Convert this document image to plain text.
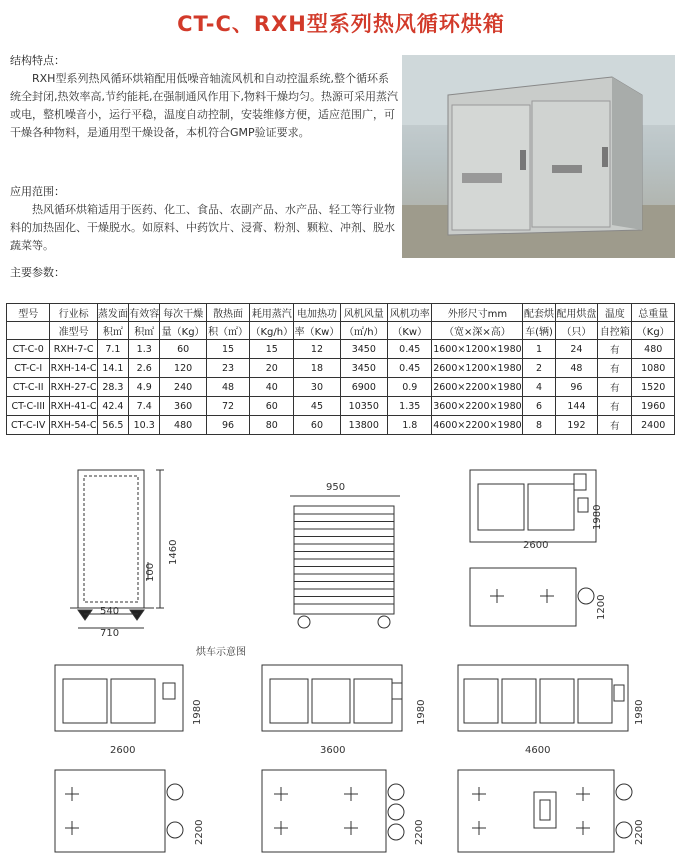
CT-C、RXH型系列热风循环烘箱
结构特点：
RXH型系列热风循环烘箱配用低噪音轴流风机和自动控温系统,整个循环系统全封闭,热效率高,节约能耗,在强制通风作用下,物料干燥均匀。热源可采用蒸汽或电，整机噪音小，运行平稳，温度自动控制，安装维修方便，适应范围广，可干燥各种物料，是通用型干燥设备，本机符合GMP验证要求。
应用范围：
热风循环烘箱适用于医药、化工、食品、农副产品、水产品、轻工等行业物料的加热固化、干燥脱水。如原料、中药饮片、浸膏、粉剂、颗粒、冲剂、脱水蔬菜等。
主要参数：
型号	行业标	蒸发面	有效容	每次干燥	散热面	耗用蒸汽	电加热功	风机风量	风机功率	外形尺寸mm	配套烘	配用烘盘	温度	总重量
	准型号	积㎡	积㎡	量（Kg）	积（㎡）	（Kg/h）	率（Kw）	（㎡/h）	（Kw）	（宽×深×高）	车(辆)	（只）	自控箱	（Kg）
CT-C-0	RXH-7-C	7.1	1.3	60	15	15	12	3450	0.45	1600×1200×1980	1	24	有	480
CT-C-I	RXH-14-C	14.1	2.6	120	23	20	18	3450	0.45	2600×1200×1980	2	48	有	1080
CT-C-II	RXH-27-C	28.3	4.9	240	48	40	30	6900	0.9	2600×2200×1980	4	96	有	1520
CT-C-III	RXH-41-C	42.4	7.4	360	72	60	45	10350	1.35	3600×2200×1980	6	144	有	1960
CT-C-IV	RXH-54-C	56.5	10.3	480	96	80	60	13800	1.8	4600×2200×1980	8	192	有	2400
1460
100
540
710
950
烘车示意图
1980
2600
1200
1980
2600
1980
3600
1980
4600
2200	2200	2200
